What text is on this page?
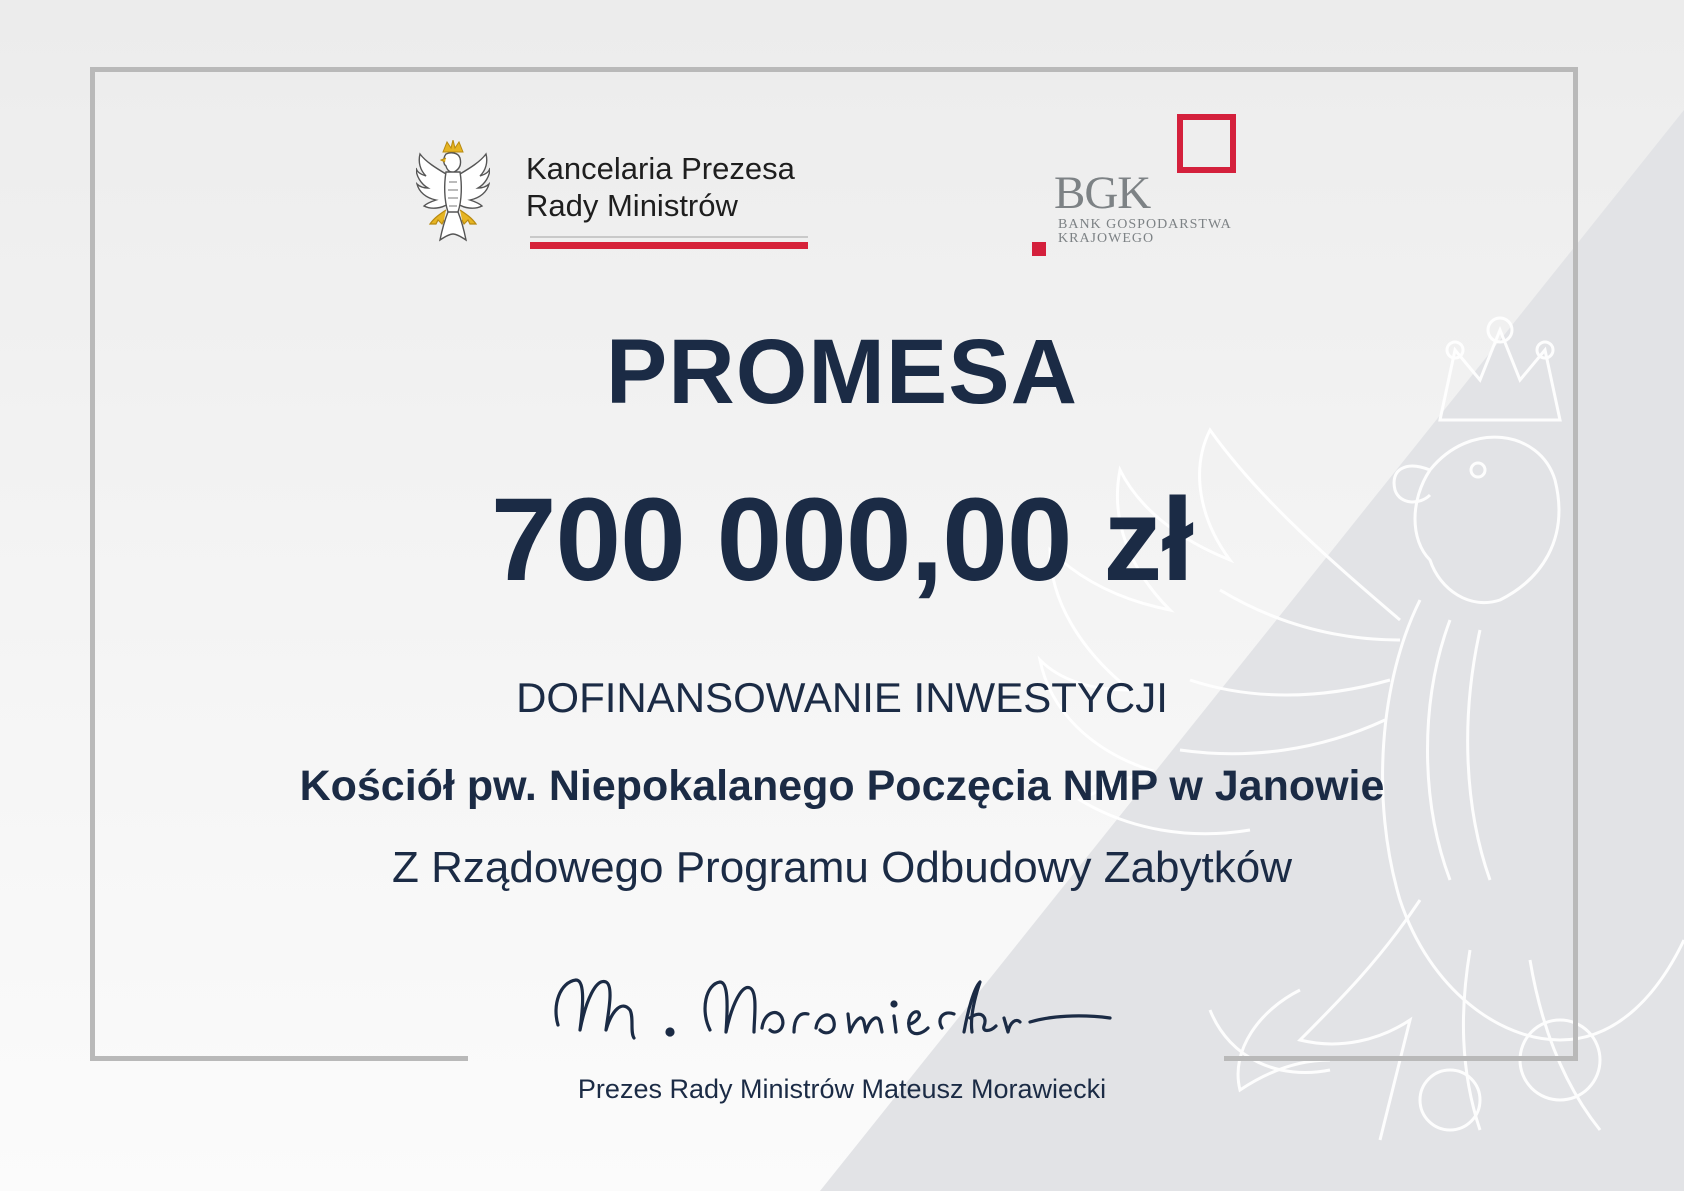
Kancelaria Prezesa
Rady Ministrów	BGK
BANK GOSPODARSTWA
KRAJOWEGO
PROMESA
700 000,00 zł
DOFINANSOWANIE INWESTYCJI
Kościół pw. Niepokalanego Poczęcia NMP w Janowie
Z Rządowego Programu Odbudowy Zabytków
Prezes Rady Ministrów Mateusz Morawiecki
